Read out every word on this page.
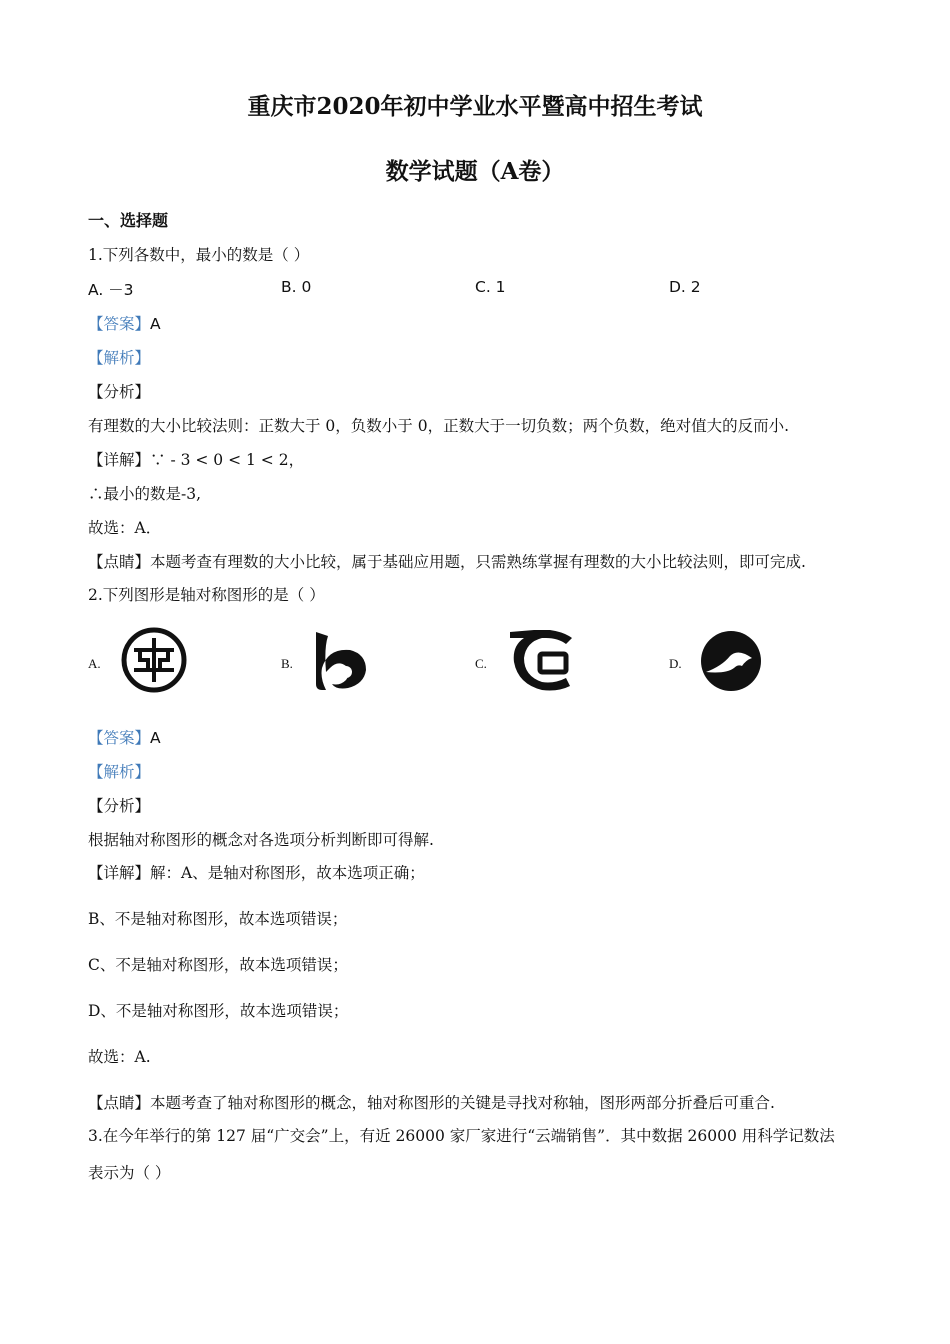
重庆市2020年初中学业水平暨高中招生考试
数学试题（A卷）
一、选择题
1.下列各数中，最小的数是（ ）
A. －3	B. 0	C. 1	D. 2
【答案】A
【解析】
【分析】
有理数的大小比较法则：正数大于 0，负数小于 0，正数大于一切负数；两个负数，绝对值大的反而小.
【详解】∵ - 3 < 0 < 1 < 2，
∴最小的数是-3,
故选：A．
【点睛】本题考查有理数的大小比较，属于基础应用题，只需熟练掌握有理数的大小比较法则，即可完成.
2.下列图形是轴对称图形的是（ ）
A.	B.	C.	D.
【答案】A
【解析】
【分析】
根据轴对称图形的概念对各选项分析判断即可得解.
【详解】解：A、是轴对称图形，故本选项正确；
B、不是轴对称图形，故本选项错误；
C、不是轴对称图形，故本选项错误；
D、不是轴对称图形，故本选项错误；
故选：A.
【点睛】本题考查了轴对称图形的概念，轴对称图形的关键是寻找对称轴，图形两部分折叠后可重合.
3.在今年举行的第 127 届“广交会”上，有近 26000 家厂家进行“云端销售”．其中数据 26000 用科学记数法
表示为（ ）
